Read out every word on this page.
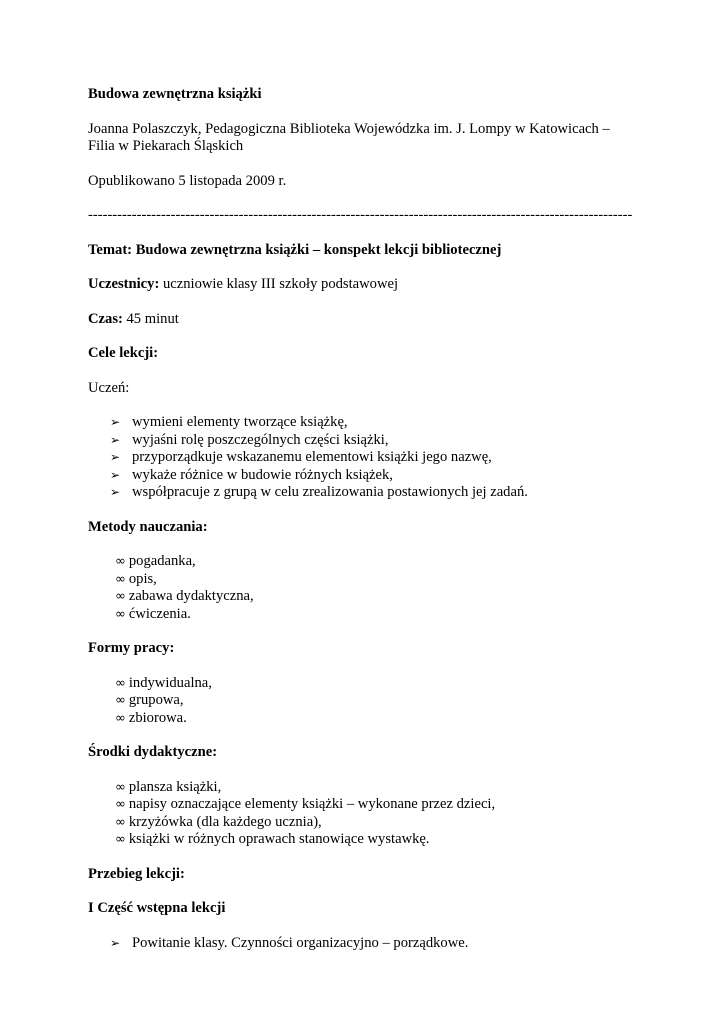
Budowa zewnętrzna książki

Joanna Polaszczyk, Pedagogiczna Biblioteka Wojewódzka im. J. Lompy w Katowicach –

Filia w Piekarach Śląskich

Opublikowano 5 listopada 2009 r.

----------------------------------------------------------------------------------------------------------------

Temat: Budowa zewnętrzna książki – konspekt lekcji bibliotecznej

Uczestnicy: uczniowie klasy III szkoły podstawowej

Czas: 45 minut

Cele lekcji:

Uczeń:

➢ wymieni elementy tworzące książkę,
➢ wyjaśni rolę poszczególnych części książki,
➢ przyporządkuje wskazanemu elementowi książki jego nazwę,
➢ wykaże różnice w budowie różnych książek,
➢ współpracuje z grupą w celu zrealizowania postawionych jej zadań.

Metody nauczania:

∞ pogadanka,
∞ opis,
∞ zabawa dydaktyczna,
∞ ćwiczenia.

Formy pracy:

∞ indywidualna,
∞ grupowa,
∞ zbiorowa.

Środki dydaktyczne:

∞ plansza książki,
∞ napisy oznaczające elementy książki – wykonane przez dzieci,
∞ krzyżówka (dla każdego ucznia),
∞ książki w różnych oprawach stanowiące wystawkę.

Przebieg lekcji:

I Część wstępna lekcji

➢ Powitanie klasy. Czynności organizacyjno – porządkowe.
